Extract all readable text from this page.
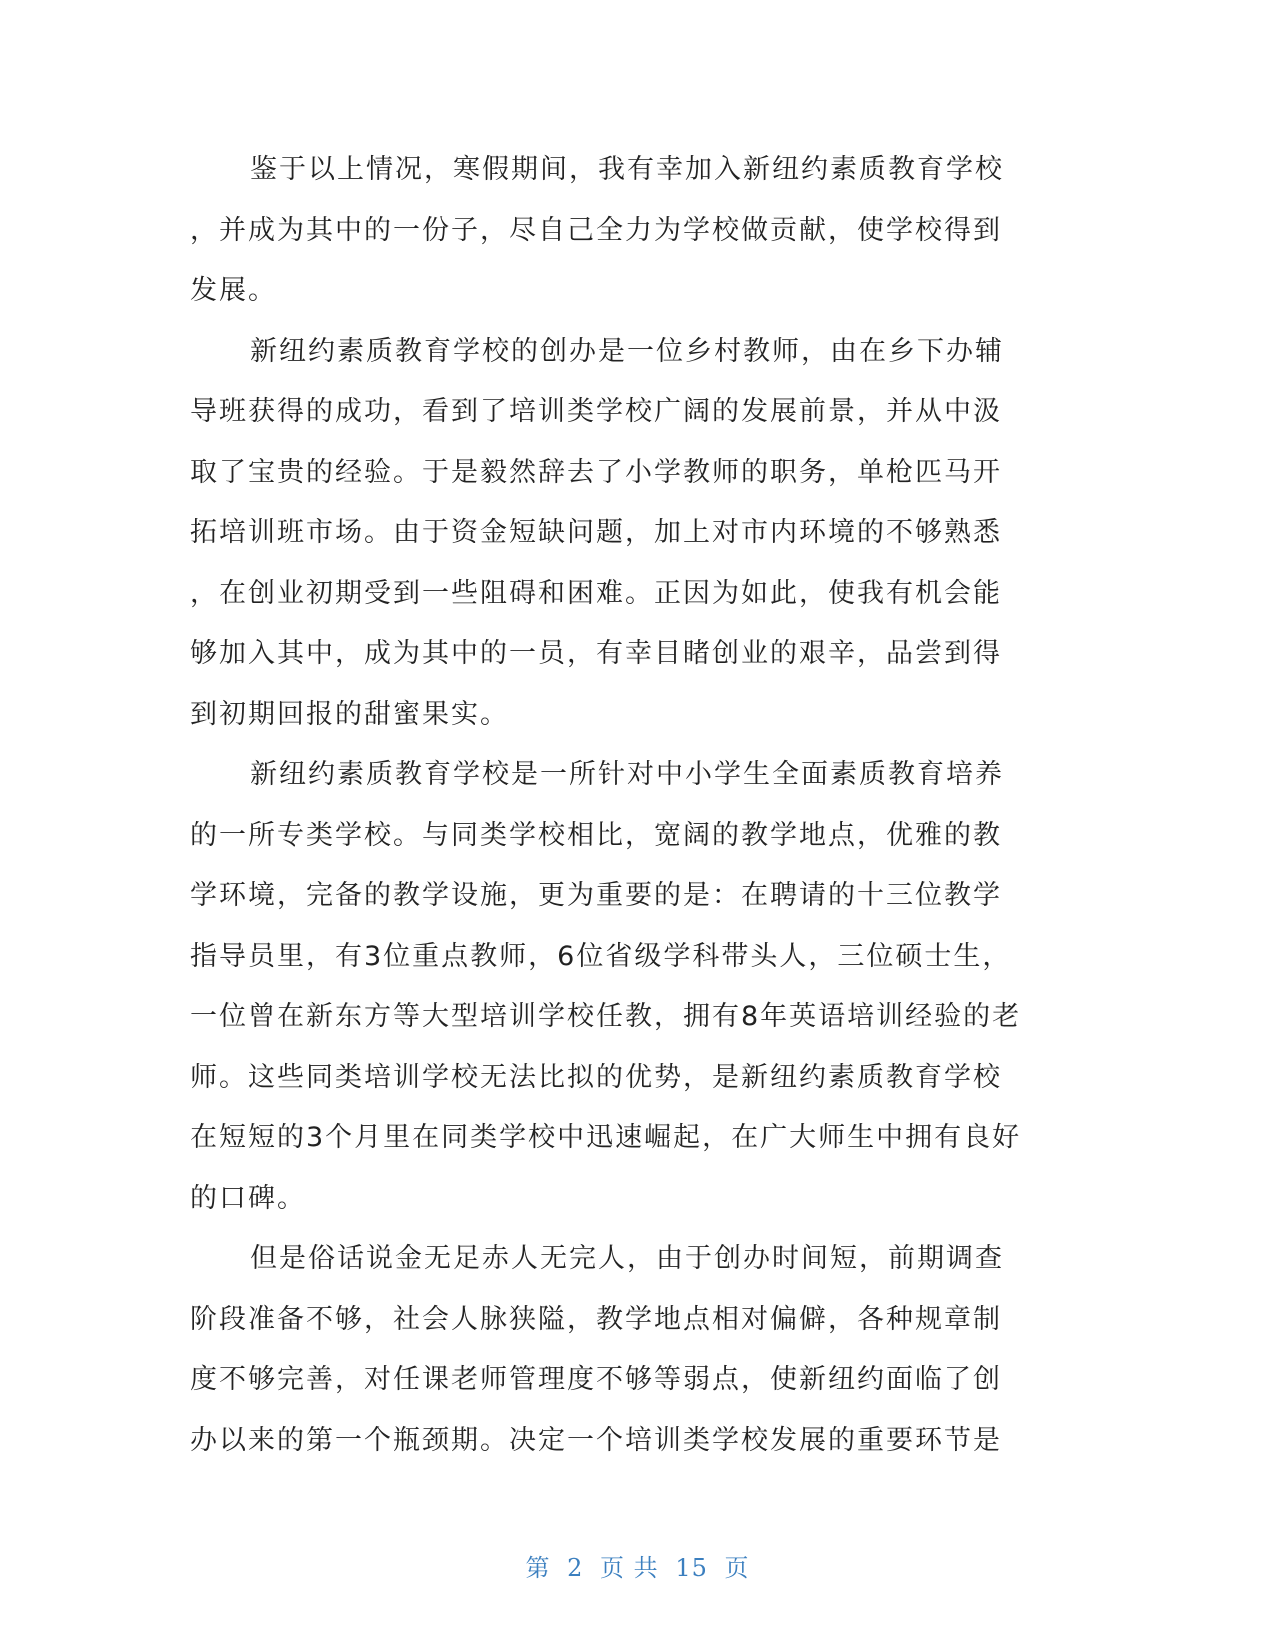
鉴于以上情况，寒假期间，我有幸加入新纽约素质教育学校
，并成为其中的一份子，尽自己全力为学校做贡献，使学校得到
发展。
新纽约素质教育学校的创办是一位乡村教师，由在乡下办辅
导班获得的成功，看到了培训类学校广阔的发展前景，并从中汲
取了宝贵的经验。于是毅然辞去了小学教师的职务，单枪匹马开
拓培训班市场。由于资金短缺问题，加上对市内环境的不够熟悉
，在创业初期受到一些阻碍和困难。正因为如此，使我有机会能
够加入其中，成为其中的一员，有幸目睹创业的艰辛，品尝到得
到初期回报的甜蜜果实。
新纽约素质教育学校是一所针对中小学生全面素质教育培养
的一所专类学校。与同类学校相比，宽阔的教学地点，优雅的教
学环境，完备的教学设施，更为重要的是：在聘请的十三位教学
指导员里，有3位重点教师，6位省级学科带头人，三位硕士生，
一位曾在新东方等大型培训学校任教，拥有8年英语培训经验的老
师。这些同类培训学校无法比拟的优势，是新纽约素质教育学校
在短短的3个月里在同类学校中迅速崛起，在广大师生中拥有良好
的口碑。
但是俗话说金无足赤人无完人，由于创办时间短，前期调查
阶段准备不够，社会人脉狭隘，教学地点相对偏僻，各种规章制
度不够完善，对任课老师管理度不够等弱点，使新纽约面临了创
办以来的第一个瓶颈期。决定一个培训类学校发展的重要环节是
第 2 页 共 15 页
